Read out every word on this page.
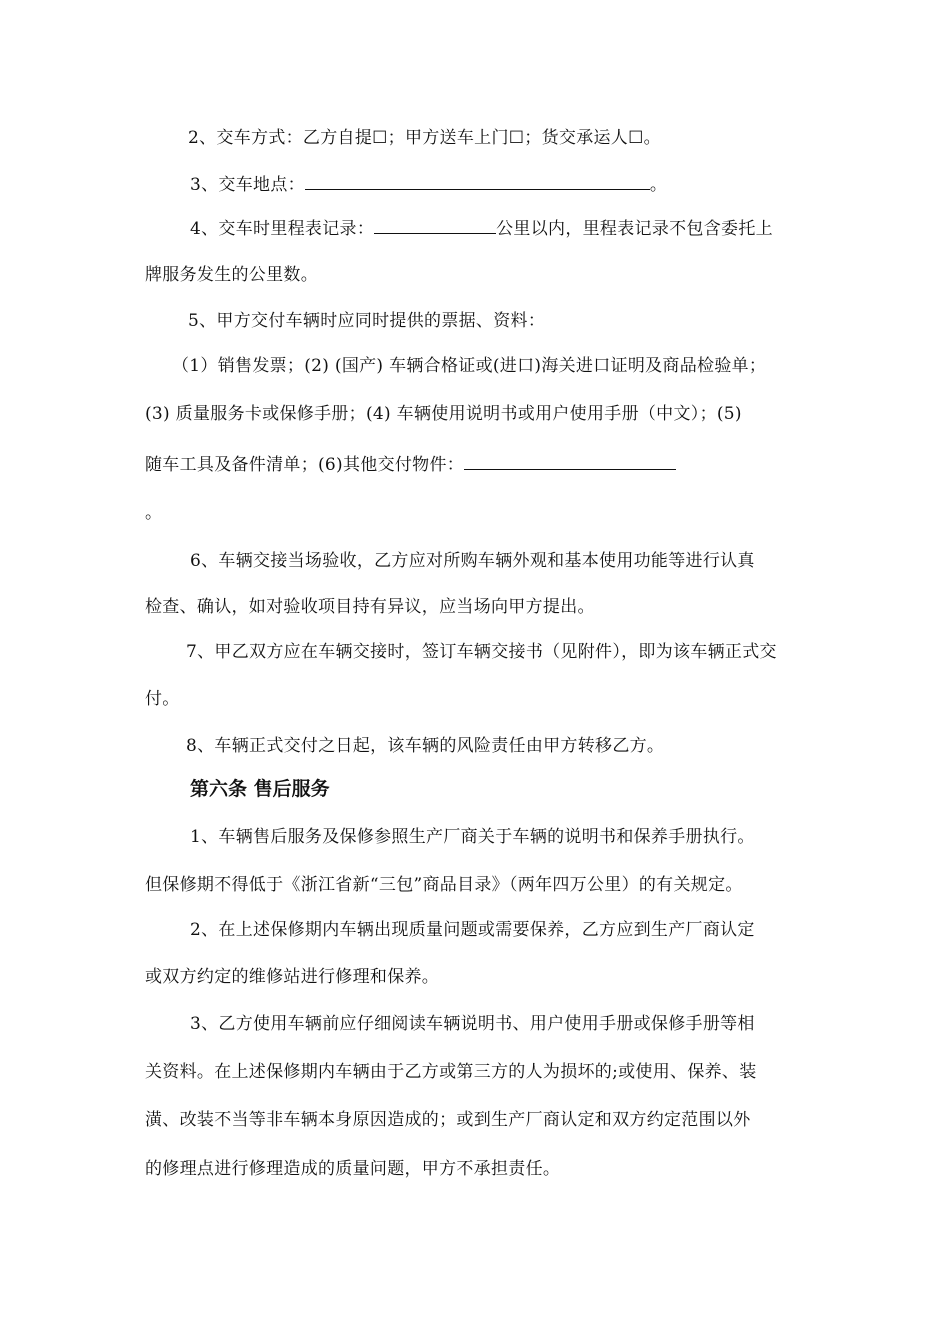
2、交车方式：乙方自提☐；甲方送车上门☐；货交承运人☐。
3、交车地点：	。
4、交车时里程表记录：	公里以内，里程表记录不包含委托上
牌服务发生的公里数。
5、甲方交付车辆时应同时提供的票据、资料：
（1）销售发票；(2) (国产) 车辆合格证或(进口)海关进口证明及商品检验单；
(3) 质量服务卡或保修手册；(4) 车辆使用说明书或用户使用手册（中文）；(5)
随车工具及备件清单；(6)其他交付物件：
。
6、车辆交接当场验收，乙方应对所购车辆外观和基本使用功能等进行认真
检查、确认，如对验收项目持有异议，应当场向甲方提出。
7、甲乙双方应在车辆交接时，签订车辆交接书（见附件），即为该车辆正式交
付。
8、车辆正式交付之日起，该车辆的风险责任由甲方转移乙方。
第六条 售后服务
1、车辆售后服务及保修参照生产厂商关于车辆的说明书和保养手册执行。
但保修期不得低于《浙江省新“三包”商品目录》（两年四万公里）的有关规定。
2、在上述保修期内车辆出现质量问题或需要保养，乙方应到生产厂商认定
或双方约定的维修站进行修理和保养。
3、乙方使用车辆前应仔细阅读车辆说明书、用户使用手册或保修手册等相
关资料。在上述保修期内车辆由于乙方或第三方的人为损坏的;或使用、保养、装
潢、改装不当等非车辆本身原因造成的；或到生产厂商认定和双方约定范围以外
的修理点进行修理造成的质量问题，甲方不承担责任。
